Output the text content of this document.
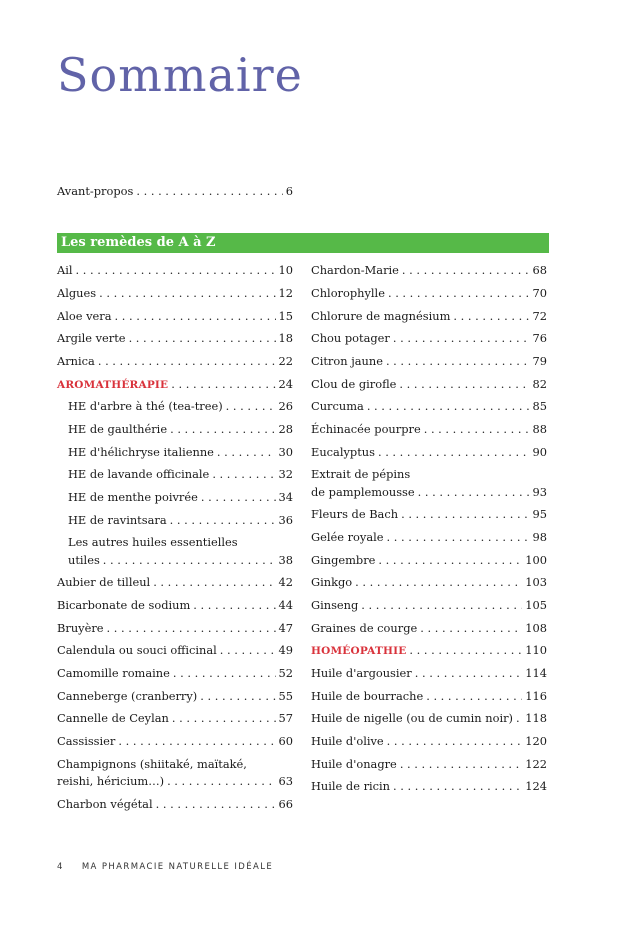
Sommaire
Avant-propos . . .	6
Les remèdes de A à Z
Ail . . .	10
Algues . . .	12
Aloe vera . . .	15
Argile verte . . .	18
Arnica . . .	22
AROMATHÉRAPIE . . .	24
HE d'arbre à thé (tea-tree) . . .	26
HE de gaulthérie . . .	28
HE d'hélichryse italienne . . .	30
HE de lavande officinale . . .	32
HE de menthe poivrée . . .	34
HE de ravintsara . . .	36
Les autres huiles essentielles
utiles . . .	38
Aubier de tilleul . . .	42
Bicarbonate de sodium . . .	44
Bruyère . . .	47
Calendula ou souci officinal . . .	49
Camomille romaine . . .	52
Canneberge (cranberry) . . .	55
Cannelle de Ceylan . . .	57
Cassissier . . .	60
Champignons (shiitaké, maïtaké,
reishi, héricium…) . . .	63
Charbon végétal . . .	66
Chardon-Marie . . .	68
Chlorophylle . . .	70
Chlorure de magnésium . . .	72
Chou potager . . .	76
Citron jaune . . .	79
Clou de girofle . . .	82
Curcuma . . .	85
Échinacée pourpre . . .	88
Eucalyptus . . .	90
Extrait de pépins
de pamplemousse . . .	93
Fleurs de Bach . . .	95
Gelée royale . . .	98
Gingembre . . .	100
Ginkgo . . .	103
Ginseng . . .	105
Graines de courge . . .	108
HOMÉOPATHIE . . .	110
Huile d'argousier . . .	114
Huile de bourrache . . .	116
Huile de nigelle (ou de cumin noir) . . . 118
Huile d'olive . . .	120
Huile d'onagre . . .	122
Huile de ricin . . .	124
4 MA PHARMACIE NATURELLE IDÉALE
